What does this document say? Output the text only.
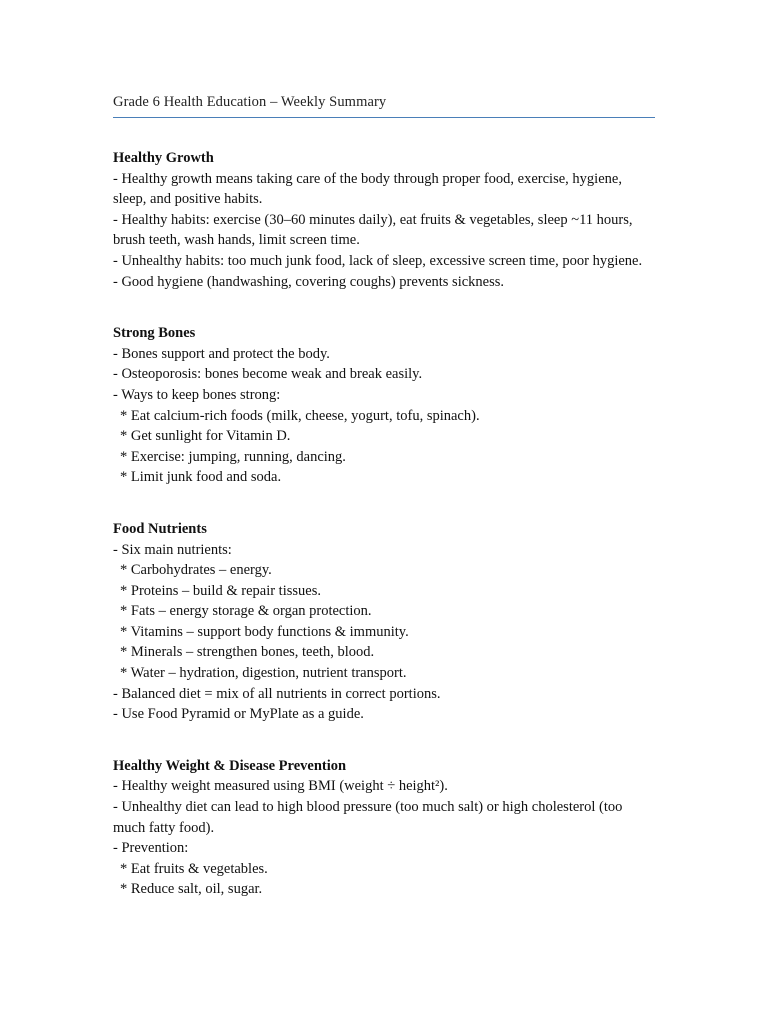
Grade 6 Health Education – Weekly Summary
Healthy Growth
- Healthy growth means taking care of the body through proper food, exercise, hygiene, sleep, and positive habits.
- Healthy habits: exercise (30–60 minutes daily), eat fruits & vegetables, sleep ~11 hours, brush teeth, wash hands, limit screen time.
- Unhealthy habits: too much junk food, lack of sleep, excessive screen time, poor hygiene.
- Good hygiene (handwashing, covering coughs) prevents sickness.
Strong Bones
- Bones support and protect the body.
- Osteoporosis: bones become weak and break easily.
- Ways to keep bones strong:
* Eat calcium-rich foods (milk, cheese, yogurt, tofu, spinach).
* Get sunlight for Vitamin D.
* Exercise: jumping, running, dancing.
* Limit junk food and soda.
Food Nutrients
- Six main nutrients:
* Carbohydrates – energy.
* Proteins – build & repair tissues.
* Fats – energy storage & organ protection.
* Vitamins – support body functions & immunity.
* Minerals – strengthen bones, teeth, blood.
* Water – hydration, digestion, nutrient transport.
- Balanced diet = mix of all nutrients in correct portions.
- Use Food Pyramid or MyPlate as a guide.
Healthy Weight & Disease Prevention
- Healthy weight measured using BMI (weight ÷ height²).
- Unhealthy diet can lead to high blood pressure (too much salt) or high cholesterol (too much fatty food).
- Prevention:
* Eat fruits & vegetables.
* Reduce salt, oil, sugar.
